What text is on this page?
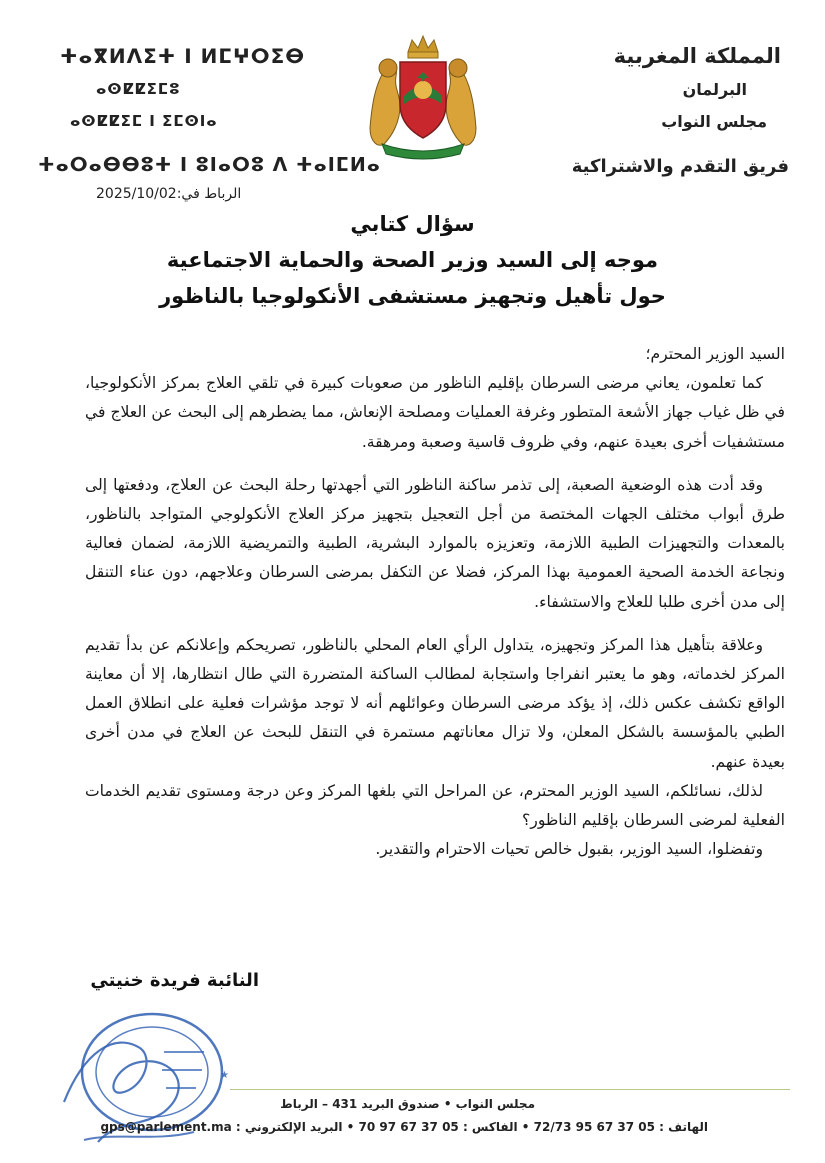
المملكة المغربية
البرلمان
مجلس النواب
فريق التقدم والاشتراكية
ⵜⴰⴳⵍⴷⵉⵜ ⵏ ⵍⵎⵖⵔⵉⴱ
ⴰⵙⵇⵇⵉⵎⵓ
ⴰⵙⵇⵇⵉⵎ ⵏ ⵉⵎⵙⵏⴰ
ⵜⴰⵔⴰⴱⴱⵓⵜ ⵏ ⵓⵏⴰⵔⵓ ⴷ ⵜⴰⵏⵎⵍⴰ
الرباط في:2025/10/02
سؤال كتابي
موجه إلى السيد وزير الصحة والحماية الاجتماعية
حول تأهيل وتجهيز مستشفى الأنكولوجيا بالناظور

السيد الوزير المحترم؛

كما تعلمون، يعاني مرضى السرطان بإقليم الناظور من صعوبات كبيرة في تلقي العلاج بمركز الأنكولوجيا، في ظل غياب جهاز الأشعة المتطور وغرفة العمليات ومصلحة الإنعاش، مما يضطرهم إلى البحث عن العلاج في مستشفيات أخرى بعيدة عنهم، وفي ظروف قاسية وصعبة ومرهقة.

وقد أدت هذه الوضعية الصعبة، إلى تذمر ساكنة الناظور التي أجهدتها رحلة البحث عن العلاج، ودفعتها إلى طرق أبواب مختلف الجهات المختصة من أجل التعجيل بتجهيز مركز العلاج الأنكولوجي المتواجد بالناظور، بالمعدات والتجهيزات الطبية اللازمة، وتعزيزه بالموارد البشرية، الطبية والتمريضية اللازمة، لضمان فعالية ونجاعة الخدمة الصحية العمومية بهذا المركز، فضلا عن التكفل بمرضى السرطان وعلاجهم، دون عناء التنقل إلى مدن أخرى طلبا للعلاج والاستشفاء.

وعلاقة بتأهيل هذا المركز وتجهيزه، يتداول الرأي العام المحلي بالناظور، تصريحكم وإعلانكم عن بدأ تقديم المركز لخدماته، وهو ما يعتبر انفراجا واستجابة لمطالب الساكنة المتضررة التي طال انتظارها، إلا أن معاينة الواقع تكشف عكس ذلك، إذ يؤكد مرضى السرطان وعوائلهم أنه لا توجد مؤشرات فعلية على انطلاق العمل الطبي بالمؤسسة بالشكل المعلن، ولا تزال معاناتهم مستمرة في التنقل للبحث عن العلاج في مدن أخرى بعيدة عنهم.

لذلك، نسائلكم، السيد الوزير المحترم، عن المراحل التي بلغها المركز وعن درجة ومستوى تقديم الخدمات الفعلية لمرضى السرطان بإقليم الناظور؟

وتفضلوا، السيد الوزير، بقبول خالص تحيات الاحترام والتقدير.

النائبة فريدة خنيتي
★
مجلس النواب • صندوق البريد 431 – الرباط
الهاتف : 05 37 67 95 72/73 • الفاكس : 05 37 67 97 70 • البريد الإلكتروني : gps@parlement.ma
